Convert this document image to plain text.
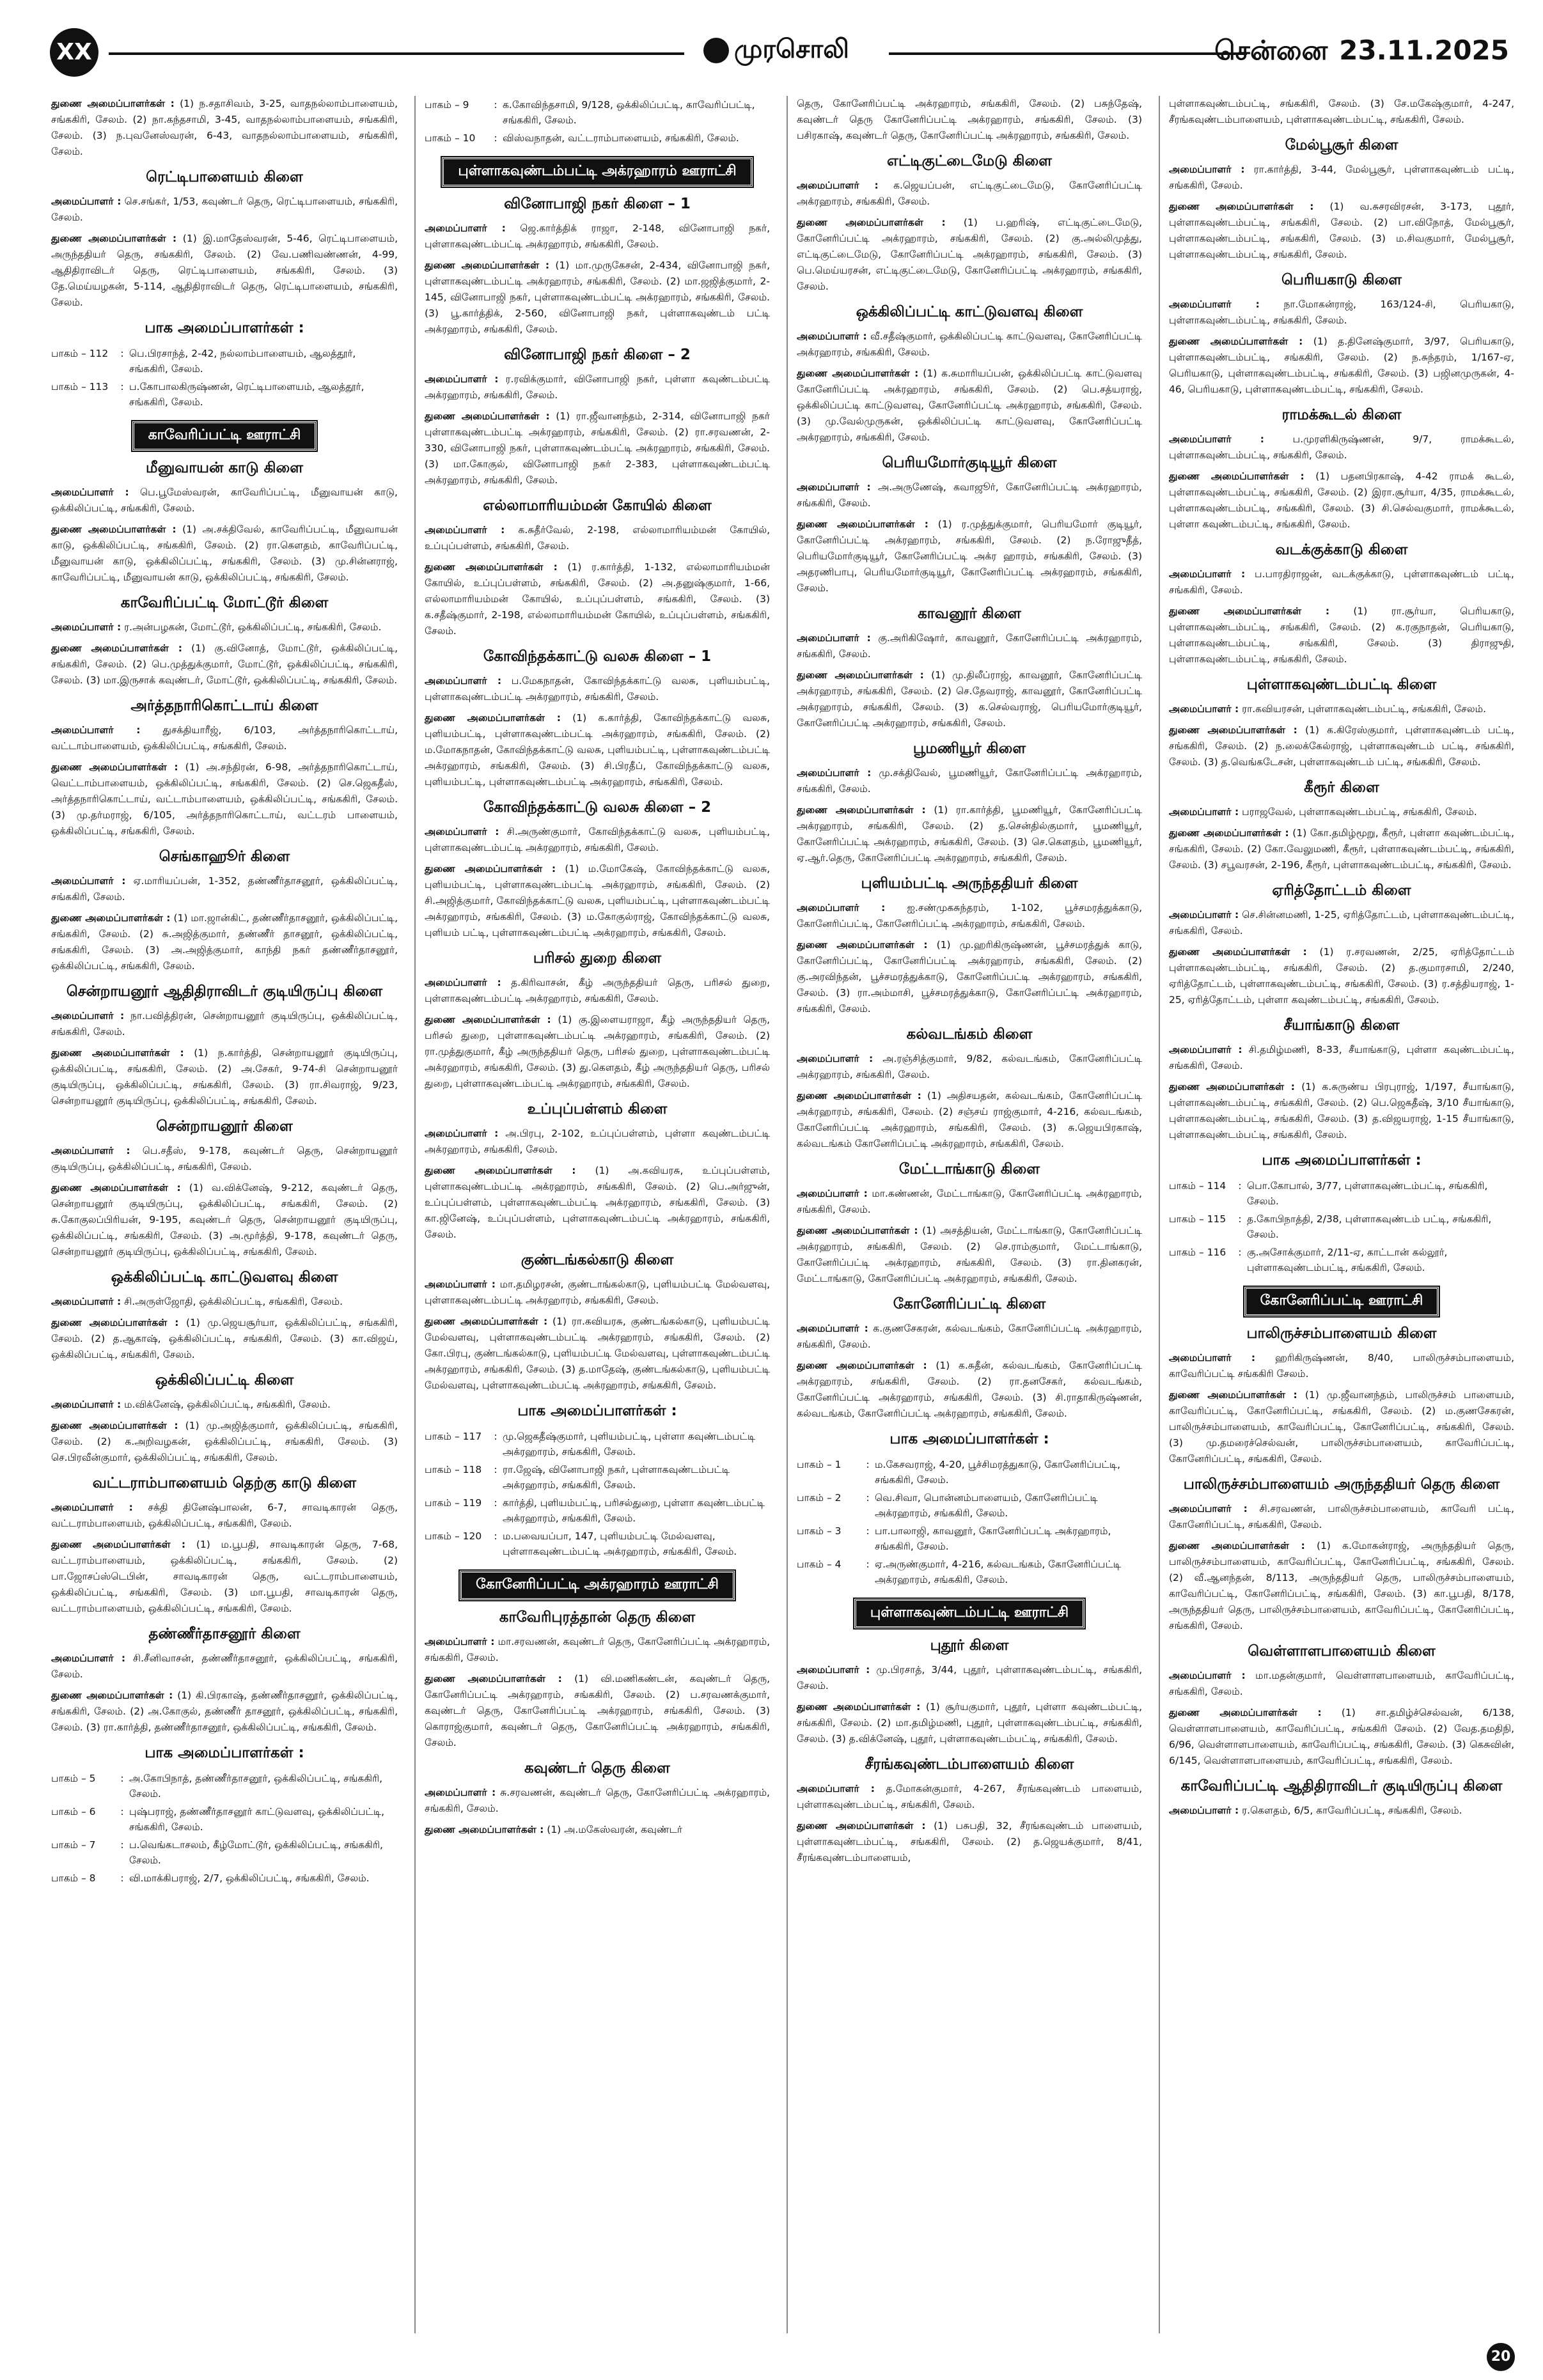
XX	முரசொலி	சென்னை 23.11.2025

துணை அமைப்பாளர்கள் : (1) ந.சதாசிவம், 3-25, வாதநல்லாம்பாளையம், சங்ககிரி, சேலம். (2) நா.கந்தசாமி, 3-45, வாதநல்லாம்பாளையம், சங்ககிரி, சேலம். (3) ந.புவனேஸ்வரன், 6-43, வாதநல்லாம்பாளையம், சங்ககிரி, சேலம்.

ரெட்டிபாளையம் கிளை

அமைப்பாளர் : செ.சங்கர், 1/53, கவுண்டர் தெரு, ரெட்டிபாளையம், சங்ககிரி, சேலம்.

துணை அமைப்பாளர்கள் : (1) இ.மாதேஸ்வரன், 5-46, ரெட்டிபாளையம், அருந்ததியர் தெரு, சங்ககிரி, சேலம். (2) வே.பணிவண்ணன், 4-99, ஆதிதிராவிடர் தெரு, ரெட்டிபாளையம், சங்ககிரி, சேலம். (3) தே.மெய்யழகன், 5-114, ஆதிதிராவிடர் தெரு, ரெட்டிபாளையம், சங்ககிரி, சேலம்.

பாக அமைப்பாளர்கள் :
பாகம் – 112	:	பெ.பிரசாந்த், 2-42, நல்லாம்பாளையம், ஆலத்தூர், சங்ககிரி, சேலம்.
பாகம் – 113	:	ப.கோபாலகிருஷ்ணன், ரெட்டிபாளையம், ஆலத்தூர், சங்ககிரி, சேலம்.
காவேரிப்பட்டி ஊராட்சி
மீனுவாயன் காடு கிளை

அமைப்பாளர் : பெ.பூமேஸ்வரன், காவேரிப்பட்டி, மீனுவாயன் காடு, ஒக்கிலிப்பட்டி, சங்ககிரி, சேலம்.

துணை அமைப்பாளர்கள் : (1) அ.சக்திவேல், காவேரிப்பட்டி, மீனுவாயன் காடு, ஒக்கிலிப்பட்டி, சங்ககிரி, சேலம். (2) ரா.கௌதம், காவேரிப்பட்டி, மீனுவாயன் காடு, ஒக்கிலிப்பட்டி, சங்ககிரி, சேலம். (3) மு.சின்னராஜ், காவேரிப்பட்டி, மீனுவாயன் காடு, ஒக்கிலிப்பட்டி, சங்ககிரி, சேலம்.

காவேரிப்பட்டி மோட்டூர் கிளை

அமைப்பாளர் : ர.அன்பழகன், மோட்டூர், ஒக்கிலிப்பட்டி, சங்ககிரி, சேலம்.

துணை அமைப்பாளர்கள் : (1) கு.வினோத், மோட்டூர், ஒக்கிலிப்பட்டி, சங்ககிரி, சேலம். (2) பெ.முத்துக்குமார், மோட்டூர், ஒக்கிலிப்பட்டி, சங்ககிரி, சேலம். (3) மா.இருசாக் கவுண்டர், மோட்டூர், ஒக்கிலிப்பட்டி, சங்ககிரி, சேலம்.

அர்த்தநாரிகொட்டாய் கிளை

அமைப்பாளர் : துசக்தியாரீஜ், 6/103, அர்த்தநாரிகொட்டாய், வட்டாம்பாளையம், ஒக்கிலிப்பட்டி, சங்ககிரி, சேலம்.

துணை அமைப்பாளர்கள் : (1) அ.சந்திரன், 6-98, அர்த்தநாரிகொட்டாய், வெட்டாம்பாளையம், ஒக்கிலிப்பட்டி, சங்ககிரி, சேலம். (2) செ.ஜெகதீஸ், அர்த்தநாரிகொட்டாய், வட்டாம்பாளையம், ஒக்கிலிப்பட்டி, சங்ககிரி, சேலம். (3) மு.தர்மராஜ், 6/105, அர்த்தநாரிகொட்டாய், வட்டரம் பாளையம், ஒக்கிலிப்பட்டி, சங்ககிரி, சேலம்.

செங்காஹூர் கிளை

அமைப்பாளர் : ஏ.மாரியப்பன், 1-352, தண்ணீர்தாசனூர், ஒக்கிலிப்பட்டி, சங்ககிரி, சேலம்.

துணை அமைப்பாளர்கள் : (1) மா.ஜான்கிட், தண்ணீர்தாசனூர், ஒக்கிலிப்பட்டி, சங்ககிரி, சேலம். (2) சு.அஜித்குமார், தண்ணீர் தாசனூர், ஒக்கிலிப்பட்டி, சங்ககிரி, சேலம். (3) அ.அஜித்குமார், காந்தி நகர் தண்ணீர்தாசனூர், ஒக்கிலிப்பட்டி, சங்ககிரி, சேலம்.

சென்றாயனூர் ஆதிதிராவிடர் குடியிருப்பு கிளை

அமைப்பாளர் : நா.பவித்திரன், சென்றாயனூர் குடியிருப்பு, ஒக்கிலிப்பட்டி, சங்ககிரி, சேலம்.

துணை அமைப்பாளர்கள் : (1) ந.கார்த்தி, சென்றாயனூர் குடியிருப்பு, ஒக்கிலிப்பட்டி, சங்ககிரி, சேலம். (2) அ.சேகர், 9-74-சி சென்றாயனூர் குடியிருப்பு, ஒக்கிலிப்பட்டி, சங்ககிரி, சேலம். (3) ரா.சிவராஜ், 9/23, சென்றாயனூர் குடியிருப்பு, ஒக்கிலிப்பட்டி, சங்ககிரி, சேலம்.

சென்றாயனூர் கிளை

அமைப்பாளர் : பெ.சதீஸ், 9-178, கவுண்டர் தெரு, சென்றாயனூர் குடியிருப்பு, ஒக்கிலிப்பட்டி, சங்ககிரி, சேலம்.

துணை அமைப்பாளர்கள் : (1) வ.விக்னேஷ், 9-212, கவுண்டர் தெரு, சென்றாயனூர் குடியிருப்பு, ஒக்கிலிப்பட்டி, சங்ககிரி, சேலம். (2) சு.கோகுலப்பிரியன், 9-195, கவுண்டர் தெரு, சென்றாயனூர் குடியிருப்பு, ஒக்கிலிப்பட்டி, சங்ககிரி, சேலம். (3) அ.மூர்த்தி, 9-178, கவுண்டர் தெரு, சென்றாயனூர் குடியிருப்பு, ஒக்கிலிப்பட்டி, சங்ககிரி, சேலம்.

ஒக்கிலிப்பட்டி காட்டுவளவு கிளை

அமைப்பாளர் : சி.அருள்ஜோதி, ஒக்கிலிப்பட்டி, சங்ககிரி, சேலம்.

துணை அமைப்பாளர்கள் : (1) மு.ஜெயசூர்யா, ஒக்கிலிப்பட்டி, சங்ககிரி, சேலம். (2) த.ஆகாஷ், ஒக்கிலிப்பட்டி, சங்ககிரி, சேலம். (3) கா.விஜய், ஒக்கிலிப்பட்டி, சங்ககிரி, சேலம்.

ஒக்கிலிப்பட்டி கிளை

அமைப்பாளர் : ம.விக்னேஷ், ஒக்கிலிப்பட்டி, சங்ககிரி, சேலம்.

துணை அமைப்பாளர்கள் : (1) மு.அஜித்குமார், ஒக்கிலிப்பட்டி, சங்ககிரி, சேலம். (2) க.அறிவழகன், ஒக்கிலிப்பட்டி, சங்ககிரி, சேலம். (3) செ.பிரவீன்குமார், ஒக்கிலிப்பட்டி, சங்ககிரி, சேலம்.

வட்டராம்பாளையம் தெற்கு காடு கிளை

அமைப்பாளர் : சக்தி தினேஷ்பாலன், 6-7, சாவடிகாரன் தெரு, வட்டராம்பாளையம், ஒக்கிலிப்பட்டி, சங்ககிரி, சேலம்.

துணை அமைப்பாளர்கள் : (1) ம.பூபதி, சாவடிகாரன் தெரு, 7-68, வட்டராம்பாளையம், ஒக்கிலிப்பட்டி, சங்ககிரி, சேலம். (2) பா.ஜோசப்ஸ்டெபின், சாவடிகாரன் தெரு, வட்டராம்பாளையம், ஒக்கிலிப்பட்டி, சங்ககிரி, சேலம். (3) மா.பூபதி, சாவடிகாரன் தெரு, வட்டராம்பாளையம், ஒக்கிலிப்பட்டி, சங்ககிரி, சேலம்.

தண்ணீர்தாசனூர் கிளை

அமைப்பாளர் : சி.சீனிவாசன், தண்ணீர்தாசனூர், ஒக்கிலிப்பட்டி, சங்ககிரி, சேலம்.

துணை அமைப்பாளர்கள் : (1) கி.பிரகாஷ், தண்ணீர்தாசனூர், ஒக்கிலிப்பட்டி, சங்ககிரி, சேலம். (2) அ.கோகுல், தண்ணீர் தாசனூர், ஒக்கிலிப்பட்டி, சங்ககிரி, சேலம். (3) ரா.கார்த்தி, தண்ணீர்தாசனூர், ஒக்கிலிப்பட்டி, சங்ககிரி, சேலம்.

பாக அமைப்பாளர்கள் :
பாகம் – 5	:	அ.கோபிநாத், தண்ணீர்தாசனூர், ஒக்கிலிப்பட்டி, சங்ககிரி, சேலம்.
பாகம் – 6	:	புஷ்பராஜ், தண்ணீர்தாசனூர் காட்டுவளவு, ஒக்கிலிப்பட்டி, சங்ககிரி, சேலம்.
பாகம் – 7	:	ப.வெங்கடாசலம், கீழ்மோட்டூர், ஒக்கிலிப்பட்டி, சங்ககிரி, சேலம்.
பாகம் – 8	:	வி.மாக்கிபராஜ், 2/7, ஒக்கிலிப்பட்டி, சங்ககிரி, சேலம்.
பாகம் – 9	:	க.கோவிந்தசாமி, 9/128, ஒக்கிலிப்பட்டி, காவேரிப்பட்டி, சங்ககிரி, சேலம்.
பாகம் – 10	:	விஸ்வநாதன், வட்டராம்பாளையம், சங்ககிரி, சேலம்.
புள்ளாகவுண்டம்பட்டி அக்ரஹாரம் ஊராட்சி
வினோபாஜி நகர் கிளை – 1

அமைப்பாளர் : ஜெ.கார்த்திக் ராஜா, 2-148, வினோபாஜி நகர், புள்ளாகவுண்டம்பட்டி அக்ரஹாரம், சங்ககிரி, சேலம்.

துணை அமைப்பாளர்கள் : (1) மா.முருகேசன், 2-434, வினோபாஜி நகர், புள்ளாகவுண்டம்பட்டி அக்ரஹாரம், சங்ககிரி, சேலம். (2) மா.ஜஜித்குமார், 2-145, வினோபாஜி நகர், புள்ளாகவுண்டம்பட்டி அக்ரஹாரம், சங்ககிரி, சேலம். (3) பூ.கார்த்திக், 2-560, வினோபாஜி நகர், புள்ளாகவுண்டம் பட்டி அக்ரஹாரம், சங்ககிரி, சேலம்.

வினோபாஜி நகர் கிளை – 2

அமைப்பாளர் : ர.ரவிக்குமார், வினோபாஜி நகர், புள்ளா கவுண்டம்பட்டி அக்ரஹாரம், சங்ககிரி, சேலம்.

துணை அமைப்பாளர்கள் : (1) ரா.ஜீவானந்தம், 2-314, வினோபாஜி நகர் புள்ளாகவுண்டம்பட்டி அக்ரஹாரம், சங்ககிரி, சேலம். (2) ரா.சரவணன், 2-330, வினோபாஜி நகர், புள்ளாகவுண்டம்பட்டி அக்ரஹாரம், சங்ககிரி, சேலம். (3) மா.கோகுல், வினோபாஜி நகர் 2-383, புள்ளாகவுண்டம்பட்டி அக்ரஹாரம், சங்ககிரி, சேலம்.

எல்லாமாரியம்மன் கோயில் கிளை

அமைப்பாளர் : க.சுதீர்வேல், 2-198, எல்லாமாரியம்மன் கோயில், உப்புப்பள்ளம், சங்ககிரி, சேலம்.

துணை அமைப்பாளர்கள் : (1) ர.கார்த்தி, 1-132, எல்லாமாரியம்மன் கோயில், உப்புப்பள்ளம், சங்ககிரி, சேலம். (2) அ.தனுஷ்குமார், 1-66, எல்லாமாரியம்மன் கோயில், உப்புப்பள்ளம், சங்ககிரி, சேலம். (3) க.சதீஷ்குமார், 2-198, எல்லாமாரியம்மன் கோயில், உப்புப்பள்ளம், சங்ககிரி, சேலம்.

கோவிந்தக்காட்டு வலசு கிளை – 1

அமைப்பாளர் : ப.மேகநாதன், கோவிந்தக்காட்டு வலசு, புளியம்பட்டி, புள்ளாகவுண்டம்பட்டி அக்ரஹாரம், சங்ககிரி, சேலம்.

துணை அமைப்பாளர்கள் : (1) க.கார்த்தி, கோவிந்தக்காட்டு வலசு, புளியம்பட்டி, புள்ளாகவுண்டம்பட்டி அக்ரஹாரம், சங்ககிரி, சேலம். (2) ம.மோகநாதன், கோவிந்தக்காட்டு வலசு, புளியம்பட்டி, புள்ளாகவுண்டம்பட்டி அக்ரஹாரம், சங்ககிரி, சேலம். (3) சி.பிரதீப், கோவிந்தக்காட்டு வலசு, புளியம்பட்டி, புள்ளாகவுண்டம்பட்டி அக்ரஹாரம், சங்ககிரி, சேலம்.

கோவிந்தக்காட்டு வலசு கிளை – 2

அமைப்பாளர் : சி.அருண்குமார், கோவிந்தக்காட்டு வலசு, புளியம்பட்டி, புள்ளாகவுண்டம்பட்டி அக்ரஹாரம், சங்ககிரி, சேலம்.

துணை அமைப்பாளர்கள் : (1) ம.மோகேஷ், கோவிந்தக்காட்டு வலசு, புளியம்பட்டி, புள்ளாகவுண்டம்பட்டி அக்ரஹாரம், சங்ககிரி, சேலம். (2) சி.அஜித்குமார், கோவிந்தக்காட்டு வலசு, புளியம்பட்டி, புள்ளாகவுண்டம்பட்டி அக்ரஹாரம், சங்ககிரி, சேலம். (3) ம.கோகுல்ராஜ், கோவிந்தக்காட்டு வலசு, புளியம் பட்டி, புள்ளாகவுண்டம்பட்டி அக்ரஹாரம், சங்ககிரி, சேலம்.

பரிசல் துறை கிளை

அமைப்பாளர் : த.கிரிவாசன், கீழ் அருந்ததியர் தெரு, பரிசல் துறை, புள்ளாகவுண்டம்பட்டி அக்ரஹாரம், சங்ககிரி, சேலம்.

துணை அமைப்பாளர்கள் : (1) கு.இளையராஜா, கீழ் அருந்ததியர் தெரு, பரிசல் துறை, புள்ளாகவுண்டம்பட்டி அக்ரஹாரம், சங்ககிரி, சேலம். (2) ரா.முத்துகுமார், கீழ் அருந்ததியர் தெரு, பரிசல் துறை, புள்ளாகவுண்டம்பட்டி அக்ரஹாரம், சங்ககிரி, சேலம். (3) து.கௌதம், கீழ் அருந்ததியர் தெரு, பரிசல் துறை, புள்ளாகவுண்டம்பட்டி அக்ரஹாரம், சங்ககிரி, சேலம்.

உப்புப்பள்ளம் கிளை

அமைப்பாளர் : அ.பிரபு, 2-102, உப்புப்பள்ளம், புள்ளா கவுண்டம்பட்டி அக்ரஹாரம், சங்ககிரி, சேலம்.

துணை அமைப்பாளர்கள் : (1) அ.கவியரசு, உப்புப்பள்ளம், புள்ளாகவுண்டம்பட்டி அக்ரஹாரம், சங்ககிரி, சேலம். (2) பெ.அர்ஜுன், உப்புப்பள்ளம், புள்ளாகவுண்டம்பட்டி அக்ரஹாரம், சங்ககிரி, சேலம். (3) கா.ஜினேஷ், உப்புப்பள்ளம், புள்ளாகவுண்டம்பட்டி அக்ரஹாரம், சங்ககிரி, சேலம்.

குண்டங்கல்காடு கிளை

அமைப்பாளர் : மா.தமிழரசன், குண்டாங்கல்காடு, புளியம்பட்டி மேல்வளவு, புள்ளாகவுண்டம்பட்டி அக்ரஹாரம், சங்ககிரி, சேலம்.

துணை அமைப்பாளர்கள் : (1) ரா.கவியரசு, குண்டங்கல்காடு, புளியம்பட்டி மேல்வளவு, புள்ளாகவுண்டம்பட்டி அக்ரஹாரம், சங்ககிரி, சேலம். (2) கோ.பிரபு, குண்டங்கல்காடு, புளியம்பட்டி மேல்வளவு, புள்ளாகவுண்டம்பட்டி அக்ரஹாரம், சங்ககிரி, சேலம். (3) த.மாதேஷ், குண்டங்கல்காடு, புளியம்பட்டி மேல்வளவு, புள்ளாகவுண்டம்பட்டி அக்ரஹாரம், சங்ககிரி, சேலம்.

பாக அமைப்பாளர்கள் :
பாகம் – 117	:	மு.ஜெகதீஷ்குமார், புளியம்பட்டி, புள்ளா கவுண்டம்பட்டி அக்ரஹாரம், சங்ககிரி, சேலம்.
பாகம் – 118	:	ரா.ஜேஷ், வினோபாஜி நகர், புள்ளாகவுண்டம்பட்டி அக்ரஹாரம், சங்ககிரி, சேலம்.
பாகம் – 119	:	கார்த்தி, புளியம்பட்டி, பரிசல்துறை, புள்ளா கவுண்டம்பட்டி அக்ரஹாரம், சங்ககிரி, சேலம்.
பாகம் – 120	:	ம.பவையப்பா, 147, புளியம்பட்டி மேல்வளவு, புள்ளாகவுண்டம்பட்டி அக்ரஹாரம், சங்ககிரி, சேலம்.
கோனேரிப்பட்டி அக்ரஹாரம் ஊராட்சி
காவேரிபுரத்தான் தெரு கிளை

அமைப்பாளர் : மா.சரவணன், கவுண்டர் தெரு, கோனேரிப்பட்டி அக்ரஹாரம், சங்ககிரி, சேலம்.

துணை அமைப்பாளர்கள் : (1) வி.மணிகண்டன், கவுண்டர் தெரு, கோனேரிப்பட்டி அக்ரஹாரம், சங்ககிரி, சேலம். (2) ப.சரவணக்குமார், கவுண்டர் தெரு, கோனேரிப்பட்டி அக்ரஹாரம், சங்ககிரி, சேலம். (3) கொராஜ்குமார், கவுண்டர் தெரு, கோனேரிப்பட்டி அக்ரஹாரம், சங்ககிரி, சேலம்.

கவுண்டர் தெரு கிளை

அமைப்பாளர் : சு.சரவணன், கவுண்டர் தெரு, கோனேரிப்பட்டி அக்ரஹாரம், சங்ககிரி, சேலம்.

துணை அமைப்பாளர்கள் : (1) அ.மகேஸ்வரன், கவுண்டர்

தெரு, கோனேரிப்பட்டி அக்ரஹாரம், சங்ககிரி, சேலம். (2) பசுந்தேஷ், கவுண்டர் தெரு கோனேரிப்பட்டி அக்ரஹாரம், சங்ககிரி, சேலம். (3) பசிரகாஷ், கவுண்டர் தெரு, கோனேரிப்பட்டி அக்ரஹாரம், சங்ககிரி, சேலம்.

எட்டிகுட்டைமேடு கிளை

அமைப்பாளர் : க.ஜெயப்பன், எட்டிகுட்டைமேடு, கோனேரிப்பட்டி அக்ரஹாரம், சங்ககிரி, சேலம்.

துணை அமைப்பாளர்கள் : (1) ப.ஹரிஷ், எட்டிகுட்டைமேடு, கோனேரிப்பட்டி அக்ரஹாரம், சங்ககிரி, சேலம். (2) கு.அல்லிமுத்து, எட்டிகுட்டைமேடு, கோனேரிப்பட்டி அக்ரஹாரம், சங்ககிரி, சேலம். (3) பெ.மெய்யரசன், எட்டிகுட்டைமேடு, கோனேரிப்பட்டி அக்ரஹாரம், சங்ககிரி, சேலம்.

ஒக்கிலிப்பட்டி காட்டுவளவு கிளை

அமைப்பாளர் : வீ.சதீஷ்குமார், ஒக்கிலிப்பட்டி காட்டுவளவு, கோனேரிப்பட்டி அக்ரஹாரம், சங்ககிரி, சேலம்.

துணை அமைப்பாளர்கள் : (1) க.சுமாரியப்பன், ஒக்கிலிப்பட்டி காட்டுவளவு கோனேரிப்பட்டி அக்ரஹாரம், சங்ககிரி, சேலம். (2) பெ.சத்யராஜ், ஒக்கிலிப்பட்டி காட்டுவளவு, கோனேரிப்பட்டி அக்ரஹாரம், சங்ககிரி, சேலம். (3) மு.வேல்முருகன், ஒக்கிலிப்பட்டி காட்டுவளவு, கோனேரிப்பட்டி அக்ரஹாரம், சங்ககிரி, சேலம்.

பெரியமோர்குடியூர் கிளை

அமைப்பாளர் : அ.அருணேஷ், கவாஜூர், கோனேரிப்பட்டி அக்ரஹாரம், சங்ககிரி, சேலம்.

துணை அமைப்பாளர்கள் : (1) ர.முத்துக்குமார், பெரியமோர் குடியூர், கோனேரிப்பட்டி அக்ரஹாரம், சங்ககிரி, சேலம். (2) ந.ரோஜுதீத், பெரியமோர்குடியூர், கோனேரிப்பட்டி அக்ர ஹாரம், சங்ககிரி, சேலம். (3) அதரணிபாபு, பெரியமோர்குடியூர், கோனேரிப்பட்டி அக்ரஹாரம், சங்ககிரி, சேலம்.

காவனூர் கிளை

அமைப்பாளர் : கு.அரிகிஷோர், காவனூர், கோனேரிப்பட்டி அக்ரஹாரம், சங்ககிரி, சேலம்.

துணை அமைப்பாளர்கள் : (1) மு.திலீப்ராஜ், காவனூர், கோனேரிப்பட்டி அக்ரஹாரம், சங்ககிரி, சேலம். (2) செ.தேவராஜ், காவனூர், கோனேரிப்பட்டி அக்ரஹாரம், சங்ககிரி, சேலம். (3) க.செல்வராஜ், பெரியமோர்குடியூர், கோனேரிப்பட்டி அக்ரஹாரம், சங்ககிரி, சேலம்.

பூமணியூர் கிளை

அமைப்பாளர் : மு.சக்திவேல், பூமணியூர், கோனேரிப்பட்டி அக்ரஹாரம், சங்ககிரி, சேலம்.

துணை அமைப்பாளர்கள் : (1) ரா.கார்த்தி, பூமணியூர், கோனேரிப்பட்டி அக்ரஹாரம், சங்ககிரி, சேலம். (2) த.சென்தில்குமார், பூமணியூர், கோனேரிப்பட்டி அக்ரஹாரம், சங்ககிரி, சேலம். (3) செ.கௌதம், பூமணியூர், ஏ.ஆர்.தெரு, கோனேரிப்பட்டி அக்ரஹாரம், சங்ககிரி, சேலம்.

புளியம்பட்டி அருந்ததியர் கிளை

அமைப்பாளர் : ஐ.சண்முகசுந்தரம், 1-102, பூச்சமரத்துக்காடு, கோனேரிப்பட்டி, கோனேரிப்பட்டி அக்ரஹாரம், சங்ககிரி, சேலம்.

துணை அமைப்பாளர்கள் : (1) மு.ஹரிகிருஷ்ணன், பூச்சமரத்துக் காடு, கோனேரிப்பட்டி, கோனேரிப்பட்டி அக்ரஹாரம், சங்ககிரி, சேலம். (2) கு.அரவிந்தன், பூச்சமரத்துக்காடு, கோனேரிப்பட்டி அக்ரஹாரம், சங்ககிரி, சேலம். (3) ரா.அம்மாசி, பூச்சமரத்துக்காடு, கோனேரிப்பட்டி அக்ரஹாரம், சங்ககிரி, சேலம்.

கல்வடங்கம் கிளை

அமைப்பாளர் : அ.ரஞ்சித்குமார், 9/82, கல்வடங்கம், கோனேரிப்பட்டி அக்ரஹாரம், சங்ககிரி, சேலம்.

துணை அமைப்பாளர்கள் : (1) அதிசயதன், கல்வடங்கம், கோனேரிப்பட்டி அக்ரஹாரம், சங்ககிரி, சேலம். (2) சஞ்சய் ராஜ்குமார், 4-216, கல்வடங்கம், கோனேரிப்பட்டி அக்ரஹாரம், சங்ககிரி, சேலம். (3) சு.ஜெயபிரகாஷ், கல்வடங்கம் கோனேரிப்பட்டி அக்ரஹாரம், சங்ககிரி, சேலம்.

மேட்டாங்காடு கிளை

அமைப்பாளர் : மா.கண்ணன், மேட்டாங்காடு, கோனேரிப்பட்டி அக்ரஹாரம், சங்ககிரி, சேலம்.

துணை அமைப்பாளர்கள் : (1) அசத்தியன், மேட்டாங்காடு, கோனேரிப்பட்டி அக்ரஹாரம், சங்ககிரி, சேலம். (2) செ.ராம்குமார், மேட்டாங்காடு, கோனேரிப்பட்டி அக்ரஹாரம், சங்ககிரி, சேலம். (3) ரா.தினகரன், மேட்டாங்காடு, கோனேரிப்பட்டி அக்ரஹாரம், சங்ககிரி, சேலம்.

கோனேரிப்பட்டி கிளை

அமைப்பாளர் : க.குணசேகரன், கல்வடங்கம், கோனேரிப்பட்டி அக்ரஹாரம், சங்ககிரி, சேலம்.

துணை அமைப்பாளர்கள் : (1) க.சுதீன், கல்வடங்கம், கோனேரிப்பட்டி அக்ரஹாரம், சங்ககிரி, சேலம். (2) ரா.தனசேகர், கல்வடங்கம், கோனேரிப்பட்டி அக்ரஹாரம், சங்ககிரி, சேலம். (3) சி.ராதாகிருஷ்ணன், கல்வடங்கம், கோனேரிப்பட்டி அக்ரஹாரம், சங்ககிரி, சேலம்.

பாக அமைப்பாளர்கள் :
பாகம் – 1	:	ம.கேசவராஜ், 4-20, பூச்சிமரத்துகாடு, கோனேரிப்பட்டி, சங்ககிரி, சேலம்.
பாகம் – 2	:	வெ.சிவா, பொன்னம்பாளையம், கோனேரிப்பட்டி அக்ரஹாரம், சங்ககிரி, சேலம்.
பாகம் – 3	:	பா.பாலாஜி, காவனூர், கோனேரிப்பட்டி அக்ரஹாரம், சங்ககிரி, சேலம்.
பாகம் – 4	:	ஏ.அருண்குமார், 4-216, கல்வடங்கம், கோனேரிப்பட்டி அக்ரஹாரம், சங்ககிரி, சேலம்.
புள்ளாகவுண்டம்பட்டி ஊராட்சி
புதூர் கிளை

அமைப்பாளர் : மு.பிரசாத், 3/44, புதூர், புள்ளாகவுண்டம்பட்டி, சங்ககிரி, சேலம்.

துணை அமைப்பாளர்கள் : (1) சூர்யகுமார், புதூர், புள்ளா கவுண்டம்பட்டி, சங்ககிரி, சேலம். (2) மா.தமிழ்மணி, புதூர், புள்ளாகவுண்டம்பட்டி, சங்ககிரி, சேலம். (3) த.விக்னேஷ், புதூர், புள்ளாகவுண்டம்பட்டி, சங்ககிரி, சேலம்.

சீரங்கவுண்டம்பாளையம் கிளை

அமைப்பாளர் : த.மோகன்குமார், 4-267, சீரங்கவுண்டம் பாளையம், புள்ளாகவுண்டம்பட்டி, சங்ககிரி, சேலம்.

துணை அமைப்பாளர்கள் : (1) பசுபதி, 32, சீரங்கவுண்டம் பாளையம், புள்ளாகவுண்டம்பட்டி, சங்ககிரி, சேலம். (2) த.ஜெயக்குமார், 8/41, சீரங்கவுண்டம்பாளையம்,

புள்ளாகவுண்டம்பட்டி, சங்ககிரி, சேலம். (3) சே.மகேஷ்குமார், 4-247, சீரங்கவுண்டம்பாளையம், புள்ளாகவுண்டம்பட்டி, சங்ககிரி, சேலம்.

மேல்பூசூர் கிளை

அமைப்பாளர் : ரா.கார்த்தி, 3-44, மேல்பூசூர், புள்ளாகவுண்டம் பட்டி, சங்ககிரி, சேலம்.

துணை அமைப்பாளர்கள் : (1) வ.சுசரவிரசன், 3-173, புதூர், புள்ளாகவுண்டம்பட்டி, சங்ககிரி, சேலம். (2) பா.விநோத், மேல்பூசூர், புள்ளாகவுண்டம்பட்டி, சங்ககிரி, சேலம். (3) ம.சிவகுமார், மேல்பூசூர், புள்ளாகவுண்டம்பட்டி, சங்ககிரி, சேலம்.

பெரியகாடு கிளை

அமைப்பாளர் : நா.மோகன்ராஜ், 163/124-சி, பெரியகாடு, புள்ளாகவுண்டம்பட்டி, சங்ககிரி, சேலம்.

துணை அமைப்பாளர்கள் : (1) த.தினேஷ்குமார், 3/97, பெரியகாடு, புள்ளாகவுண்டம்பட்டி, சங்ககிரி, சேலம். (2) ந.சுந்தரம், 1/167-ஏ, பெரியகாடு, புள்ளாகவுண்டம்பட்டி, சங்ககிரி, சேலம். (3) பஜினமுருகன், 4-46, பெரியகாடு, புள்ளாகவுண்டம்பட்டி, சங்ககிரி, சேலம்.

ராமக்கூடல் கிளை

அமைப்பாளர் : ப.முரளிகிருஷ்ணன், 9/7, ராமக்கூடல், புள்ளாகவுண்டம்பட்டி, சங்ககிரி, சேலம்.

துணை அமைப்பாளர்கள் : (1) பதனபிரகாஷ், 4-42 ராமக் கூடல், புள்ளாகவுண்டம்பட்டி, சங்ககிரி, சேலம். (2) இரா.சூர்யா, 4/35, ராமக்கூடல், புள்ளாகவுண்டம்பட்டி, சங்ககிரி, சேலம். (3) சி.செல்வகுமார், ராமக்கூடல், புள்ளா கவுண்டம்பட்டி, சங்ககிரி, சேலம்.

வடக்குக்காடு கிளை

அமைப்பாளர் : ப.பாரதிராஜன், வடக்குக்காடு, புள்ளாகவுண்டம் பட்டி, சங்ககிரி, சேலம்.

துணை அமைப்பாளர்கள் : (1) ரா.சூர்யா, பெரியகாடு, புள்ளாகவுண்டம்பட்டி, சங்ககிரி, சேலம். (2) க.ரகுநாதன், பெரியகாடு, புள்ளாகவுண்டம்பட்டி, சங்ககிரி, சேலம். (3) திராஜுதி, புள்ளாகவுண்டம்பட்டி, சங்ககிரி, சேலம்.

புள்ளாகவுண்டம்பட்டி கிளை

அமைப்பாளர் : ரா.கவியரசன், புள்ளாகவுண்டம்பட்டி, சங்ககிரி, சேலம்.

துணை அமைப்பாளர்கள் : (1) க.கிரேஸ்குமார், புள்ளாகவுண்டம் பட்டி, சங்ககிரி, சேலம். (2) ந.லைக்கேல்ராஜ், புள்ளாகவுண்டம் பட்டி, சங்ககிரி, சேலம். (3) த.வெங்கடேசன், புள்ளாகவுண்டம் பட்டி, சங்ககிரி, சேலம்.

கீரூர் கிளை

அமைப்பாளர் : பராஜவேல், புள்ளாகவுண்டம்பட்டி, சங்ககிரி, சேலம்.

துணை அமைப்பாளர்கள் : (1) கோ.தமிழ்மூறு, கீரூர், புள்ளா கவுண்டம்பட்டி, சங்ககிரி, சேலம். (2) கோ.வேலுமணி, கீரூர், புள்ளாகவுண்டம்பட்டி, சங்ககிரி, சேலம். (3) சபூவரசன், 2-196, கீரூர், புள்ளாகவுண்டம்பட்டி, சங்ககிரி, சேலம்.

ஏரித்தோட்டம் கிளை

அமைப்பாளர் : செ.சின்னமணி, 1-25, ஏரித்தோட்டம், புள்ளாகவுண்டம்பட்டி, சங்ககிரி, சேலம்.

துணை அமைப்பாளர்கள் : (1) ர.சரவணன், 2/25, ஏரித்தோட்டம் புள்ளாகவுண்டம்பட்டி, சங்ககிரி, சேலம். (2) த.குமாரசாமி, 2/240, ஏரித்தோட்டம், புள்ளாகவுண்டம்பட்டி, சங்ககிரி, சேலம். (3) ர.சத்தியராஜ், 1-25, ஏரித்தோட்டம், புள்ளா கவுண்டம்பட்டி, சங்ககிரி, சேலம்.

சீயாங்காடு கிளை

அமைப்பாளர் : சி.தமிழ்மணி, 8-33, சீயாங்காடு, புள்ளா கவுண்டம்பட்டி, சங்ககிரி, சேலம்.

துணை அமைப்பாளர்கள் : (1) க.சுருண்ய பிரபுராஜ், 1/197, சீயாங்காடு, புள்ளாகவுண்டம்பட்டி, சங்ககிரி, சேலம். (2) பெ.ஜெகதீஷ், 3/10 சீயாங்காடு, புள்ளாகவுண்டம்பட்டி, சங்ககிரி, சேலம். (3) த.விஜயராஜ், 1-15 சீயாங்காடு, புள்ளாகவுண்டம்பட்டி, சங்ககிரி, சேலம்.

பாக அமைப்பாளர்கள் :
பாகம் – 114	:	பொ.கோபால், 3/77, புள்ளாகவுண்டம்பட்டி, சங்ககிரி, சேலம்.
பாகம் – 115	:	த.கோபிநாத்தி, 2/38, புள்ளாகவுண்டம் பட்டி, சங்ககிரி, சேலம்.
பாகம் – 116	:	கு.அசோக்குமார், 2/11-ஏ, காட்டான் கல்லூர், புள்ளாகவுண்டம்பட்டி, சங்ககிரி, சேலம்.
கோனேரிப்பட்டி ஊராட்சி
பாலிருச்சம்பாளையம் கிளை

அமைப்பாளர் : ஹரிகிருஷ்ணன், 8/40, பாலிருச்சம்பாளையம், காவேரிப்பட்டி சங்ககிரி சேலம்.

துணை அமைப்பாளர்கள் : (1) மு.ஜீவானந்தம், பாலிருச்சம் பாளையம், காவேரிப்பட்டி, கோனேரிப்பட்டி, சங்ககிரி, சேலம். (2) ம.குணசேகரன், பாலிருச்சம்பாளையம், காவேரிப்பட்டி, கோனேரிப்பட்டி, சங்ககிரி, சேலம். (3) மு.தமரைச்செல்வன், பாலிருச்சம்பாளையம், காவேரிப்பட்டி, கோனேரிப்பட்டி, சங்ககிரி, சேலம்.

பாலிருச்சம்பாளையம் அருந்ததியர் தெரு கிளை

அமைப்பாளர் : சி.சரவணன், பாலிருச்சம்பாளையம், காவேரி பட்டி, கோனேரிப்பட்டி, சங்ககிரி, சேலம்.

துணை அமைப்பாளர்கள் : (1) க.மோகன்ராஜ், அருந்ததியர் தெரு, பாலிருச்சம்பாளையம், காவேரிப்பட்டி, கோனேரிப்பட்டி, சங்ககிரி, சேலம். (2) வீ.ஆனந்தன், 8/113, அருந்ததியர் தெரு, பாலிருச்சம்பாளையம், காவேரிப்பட்டி, கோனேரிப்பட்டி, சங்ககிரி, சேலம். (3) கா.பூபதி, 8/178, அருந்ததியர் தெரு, பாலிருச்சம்பாளையம், காவேரிப்பட்டி, கோனேரிப்பட்டி, சங்ககிரி, சேலம்.

வெள்ளாளபாளையம் கிளை

அமைப்பாளர் : மா.மதன்குமார், வெள்ளாளபாளையம், காவேரிப்பட்டி, சங்ககிரி, சேலம்.

துணை அமைப்பாளர்கள் : (1) சா.தமிழ்ச்செல்வன், 6/138, வெள்ளாளபாளையம், காவேரிப்பட்டி, சங்ககிரி சேலம். (2) வேத.தமதிநி, 6/96, வெள்ளாளபாளையம், காவேரிப்பட்டி, சங்ககிரி, சேலம். (3) கெசுவின், 6/145, வெள்ளாளபாளையம், காவேரிப்பட்டி, சங்ககிரி, சேலம்.

காவேரிப்பட்டி ஆதிதிராவிடர் குடியிருப்பு கிளை

அமைப்பாளர் : ர.கௌதம், 6/5, காவேரிப்பட்டி, சங்ககிரி, சேலம்.

20
